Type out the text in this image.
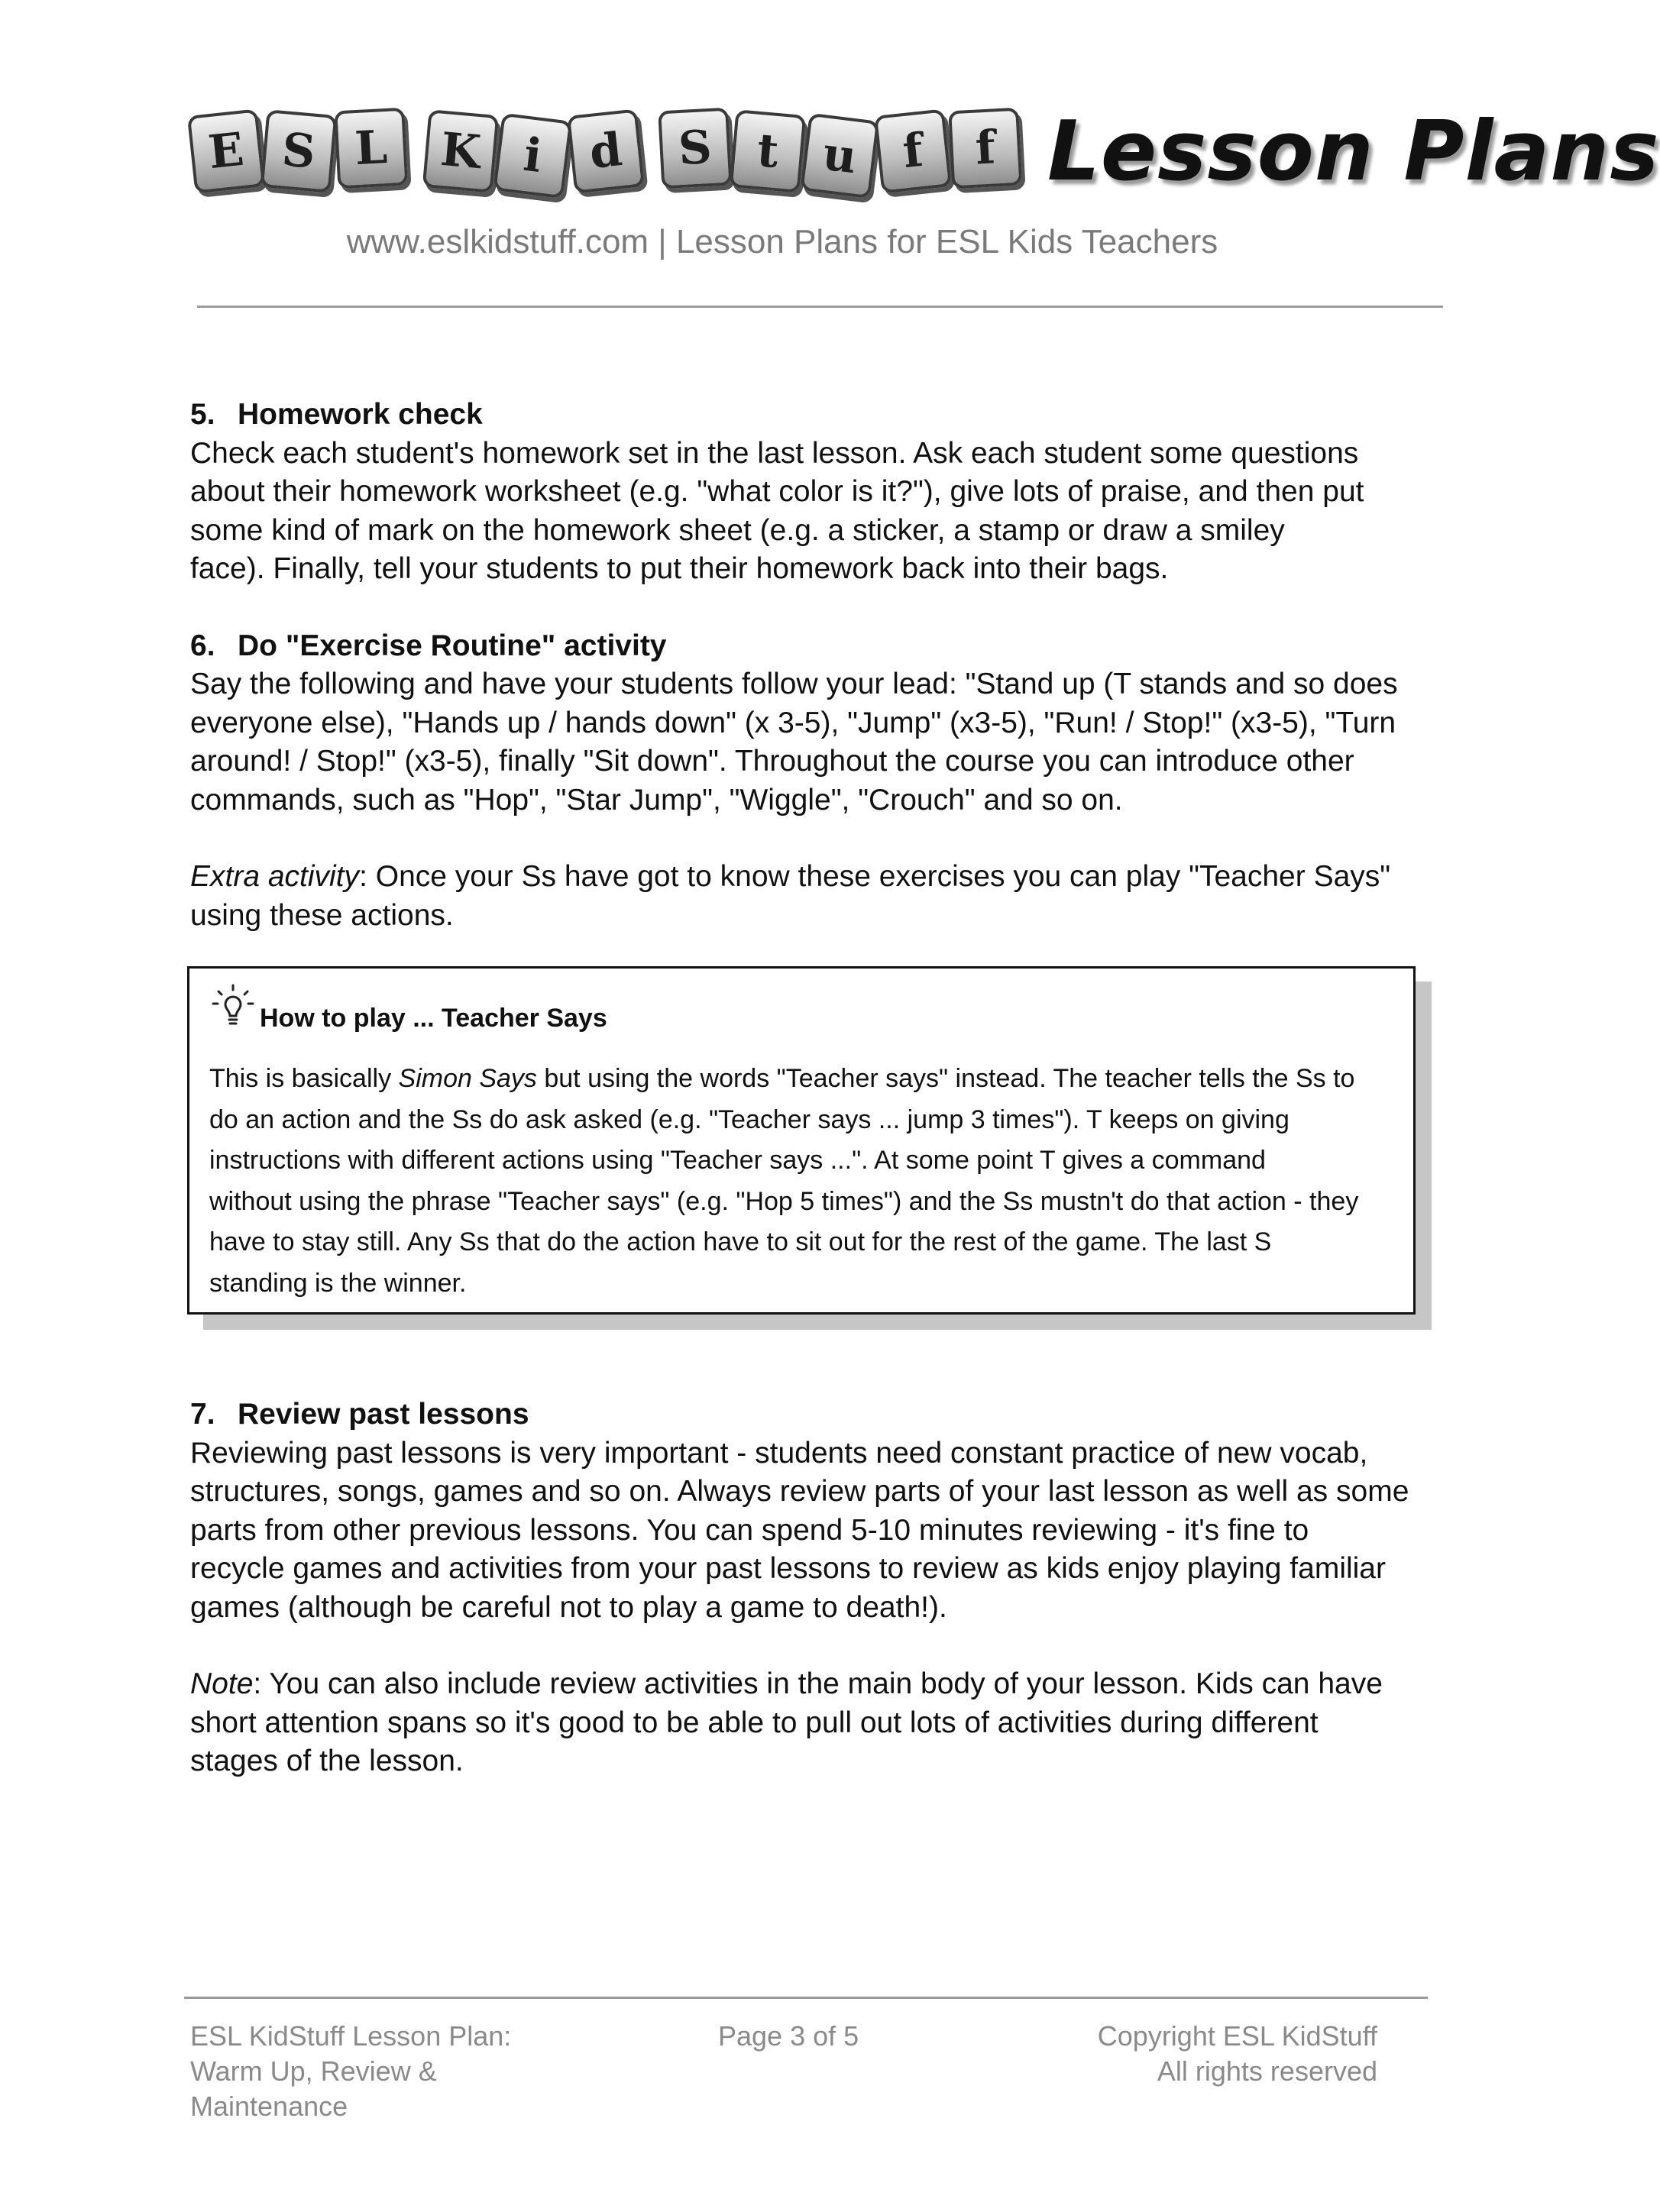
E S L	K i d	S t u f	f Lesson Plans
www.eslkidstuff.com | Lesson Plans for ESL Kids Teachers

5. Homework check

Check each student's homework set in the last lesson. Ask each student some questions

about their homework worksheet (e.g. "what color is it?"), give lots of praise, and then put

some kind of mark on the homework sheet (e.g. a sticker, a stamp or draw a smiley

face). Finally, tell your students to put their homework back into their bags.

6. Do "Exercise Routine" activity

Say the following and have your students follow your lead: "Stand up (T stands and so does

everyone else), "Hands up / hands down" (x 3-5), "Jump" (x3-5), "Run! / Stop!" (x3-5), "Turn

around! / Stop!" (x3-5), finally "Sit down". Throughout the course you can introduce other

commands, such as "Hop", "Star Jump", "Wiggle", "Crouch" and so on.

Extra activity: Once your Ss have got to know these exercises you can play "Teacher Says"

using these actions.

How to play ... Teacher Says

This is basically Simon Says but using the words "Teacher says" instead. The teacher tells the Ss to

do an action and the Ss do ask asked (e.g. "Teacher says ... jump 3 times"). T keeps on giving

instructions with different actions using "Teacher says ...". At some point T gives a command

without using the phrase "Teacher says" (e.g. "Hop 5 times") and the Ss mustn't do that action - they

have to stay still. Any Ss that do the action have to sit out for the rest of the game. The last S

standing is the winner.

7. Review past lessons

Reviewing past lessons is very important - students need constant practice of new vocab,

structures, songs, games and so on. Always review parts of your last lesson as well as some

parts from other previous lessons. You can spend 5-10 minutes reviewing - it's fine to

recycle games and activities from your past lessons to review as kids enjoy playing familiar

games (although be careful not to play a game to death!).

Note: You can also include review activities in the main body of your lesson. Kids can have

short attention spans so it's good to be able to pull out lots of activities during different

stages of the lesson.

ESL KidStuff Lesson Plan:
Warm Up, Review &
Maintenance
Page 3 of 5	Copyright ESL KidStuff
All rights reserved
